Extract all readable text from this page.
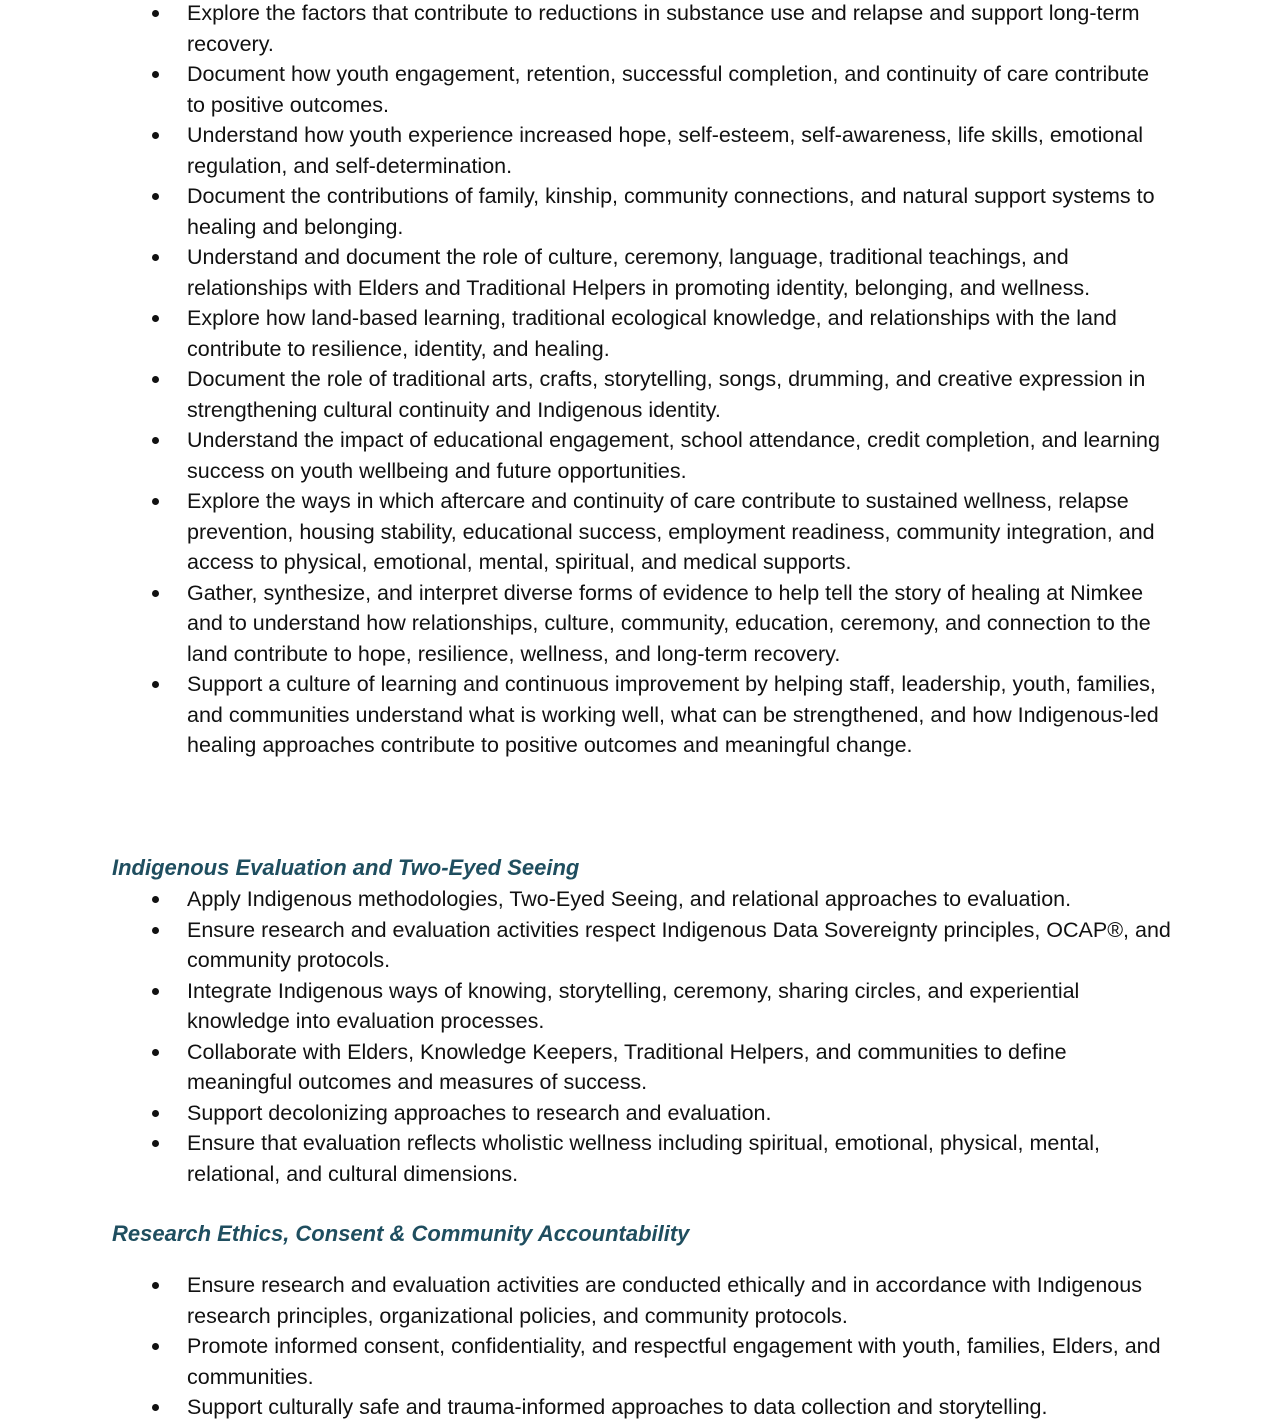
Explore the factors that contribute to reductions in substance use and relapse and support long-term recovery.
Document how youth engagement, retention, successful completion, and continuity of care contribute to positive outcomes.
Understand how youth experience increased hope, self-esteem, self-awareness, life skills, emotional regulation, and self-determination.
Document the contributions of family, kinship, community connections, and natural support systems to healing and belonging.
Understand and document the role of culture, ceremony, language, traditional teachings, and relationships with Elders and Traditional Helpers in promoting identity, belonging, and wellness.
Explore how land-based learning, traditional ecological knowledge, and relationships with the land contribute to resilience, identity, and healing.
Document the role of traditional arts, crafts, storytelling, songs, drumming, and creative expression in strengthening cultural continuity and Indigenous identity.
Understand the impact of educational engagement, school attendance, credit completion, and learning success on youth wellbeing and future opportunities.
Explore the ways in which aftercare and continuity of care contribute to sustained wellness, relapse prevention, housing stability, educational success, employment readiness, community integration, and access to physical, emotional, mental, spiritual, and medical supports.
Gather, synthesize, and interpret diverse forms of evidence to help tell the story of healing at Nimkee and to understand how relationships, culture, community, education, ceremony, and connection to the land contribute to hope, resilience, wellness, and long-term recovery.
Support a culture of learning and continuous improvement by helping staff, leadership, youth, families, and communities understand what is working well, what can be strengthened, and how Indigenous-led healing approaches contribute to positive outcomes and meaningful change.
Indigenous Evaluation and Two-Eyed Seeing
Apply Indigenous methodologies, Two-Eyed Seeing, and relational approaches to evaluation.
Ensure research and evaluation activities respect Indigenous Data Sovereignty principles, OCAP®, and community protocols.
Integrate Indigenous ways of knowing, storytelling, ceremony, sharing circles, and experiential knowledge into evaluation processes.
Collaborate with Elders, Knowledge Keepers, Traditional Helpers, and communities to define meaningful outcomes and measures of success.
Support decolonizing approaches to research and evaluation.
Ensure that evaluation reflects wholistic wellness including spiritual, emotional, physical, mental, relational, and cultural dimensions.
Research Ethics, Consent & Community Accountability
Ensure research and evaluation activities are conducted ethically and in accordance with Indigenous research principles, organizational policies, and community protocols.
Promote informed consent, confidentiality, and respectful engagement with youth, families, Elders, and communities.
Support culturally safe and trauma-informed approaches to data collection and storytelling.
